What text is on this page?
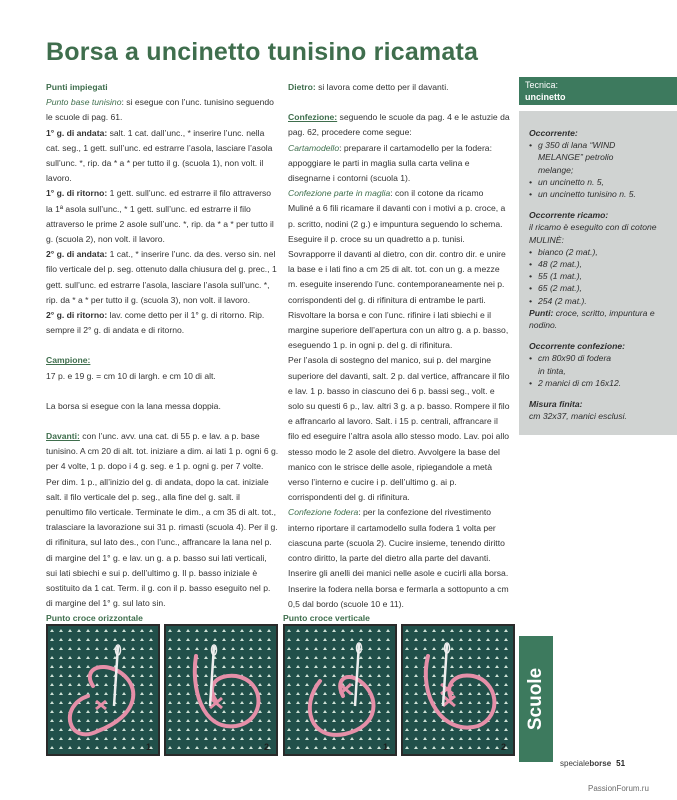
Borsa a uncinetto tunisino ricamata

Punti impiegati

Punto base tunisino: si esegue con l’unc. tunisino seguendo le scuole di pag. 61.

1° g. di andata: salt. 1 cat. dall’unc., * inserire l’unc. nella cat. seg., 1 gett. sull’unc. ed estrarre l’asola, lasciare l’asola sull’unc. *, rip. da * a * per tutto il g. (scuola 1), non volt. il lavoro.

1° g. di ritorno: 1 gett. sull’unc. ed estrarre il filo attraverso la 1ª asola sull’unc., * 1 gett. sull’unc. ed estrarre il filo attraverso le prime 2 asole sull’unc. *, rip. da * a * per tutto il g. (scuola 2), non volt. il lavoro.

2° g. di andata: 1 cat., * inserire l’unc. da des. verso sin. nel filo verticale del p. seg. ottenuto dalla chiusura del g. prec., 1 gett. sull’unc. ed estrarre l’asola, lasciare l’asola sull’unc. *, rip. da * a * per tutto il g. (scuola 3), non volt. il lavoro.

2° g. di ritorno: lav. come detto per il 1° g. di ritorno. Rip. sempre il 2° g. di andata e di ritorno.

Campione:

17 p. e 19 g. = cm 10 di largh. e cm 10 di alt.

La borsa si esegue con la lana messa doppia.

Davanti: con l’unc. avv. una cat. di 55 p. e lav. a p. base tunisino. A cm 20 di alt. tot. iniziare a dim. ai lati 1 p. ogni 6 g. per 4 volte, 1 p. dopo i 4 g. seg. e 1 p. ogni g. per 7 volte. Per dim. 1 p., all’inizio del g. di andata, dopo la cat. iniziale salt. il filo verticale del p. seg., alla fine del g. salt. il penultimo filo verticale. Terminate le dim., a cm 35 di alt. tot., tralasciare la lavorazione sui 31 p. rimasti (scuola 4). Per il g. di rifinitura, sul lato des., con l’unc., affrancare la lana nel p. di margine del 1° g. e lav. un g. a p. basso sui lati verticali, sui lati sbiechi e sui p. dell’ultimo g. Il p. basso iniziale è sostituito da 1 cat. Term. il g. con il p. basso eseguito nel p. di margine del 1° g. sul lato sin.

Dietro: si lavora come detto per il davanti.

Confezione: seguendo le scuole da pag. 4 e le astuzie da pag. 62, procedere come segue:

Cartamodello: preparare il cartamodello per la fodera: appoggiare le parti in maglia sulla carta velina e disegnarne i contorni (scuola 1).

Confezione parte in maglia: con il cotone da ricamo Muliné a 6 fili ricamare il davanti con i motivi a p. croce, a p. scritto, nodini (2 g.) e impuntura seguendo lo schema. Eseguire il p. croce su un quadretto a p. tunisi. Sovrapporre il davanti al dietro, con dir. contro dir. e unire la base e i lati fino a cm 25 di alt. tot. con un g. a mezze m. eseguite inserendo l’unc. contemporaneamente nei p. corrispondenti del g. di rifinitura di entrambe le parti. Risvoltare la borsa e con l’unc. rifinire i lati sbiechi e il margine superiore dell’apertura con un altro g. a p. basso, eseguendo 1 p. in ogni p. del g. di rifinitura.

Per l’asola di sostegno del manico, sui p. del margine superiore del davanti, salt. 2 p. dal vertice, affrancare il filo e lav. 1 p. basso in ciascuno dei 6 p. bassi seg., volt. e solo su questi 6 p., lav. altri 3 g. a p. basso. Rompere il filo e affrancarlo al lavoro. Salt. i 15 p. centrali, affrancare il filo ed eseguire l’altra asola allo stesso modo. Lav. poi allo stesso modo le 2 asole del dietro. Avvolgere la base del manico con le strisce delle asole, ripiegandole a metà verso l’interno e cucire i p. dell’ultimo g. ai p. corrispondenti del g. di rifinitura.

Confezione fodera: per la confezione del rivestimento interno riportare il cartamodello sulla fodera 1 volta per ciascuna parte (scuola 2). Cucire insieme, tenendo diritto contro diritto, la parte del dietro alla parte del davanti. Inserire gli anelli dei manici nelle asole e cucirli alla borsa. Inserire la fodera nella borsa e fermarla a sottopunto a cm 0,5 dal bordo (scuole 10 e 11).

Tecnica:
uncinetto
Occorrente:
• g 350 di lana “WIND
MELANGE” petrolio
melange;
• un uncinetto n. 5,
• un uncinetto tunisino n. 5.
Occorrente ricamo:
il ricamo è eseguito con di cotone MULINÈ:
• bianco (2 mat.),
• 48 (2 mat.),
• 55 (1 mat.),
• 65 (2 mat.),
• 254 (2 mat.).
Punti: croce, scritto, impuntura e nodino.
Occorrente confezione:
• cm 80x90 di fodera
in tinta,
• 2 manici di cm 16x12.
Misura finita:
cm 32x37, manici esclusi.
Punto croce orizzontale	Punto croce verticale
1	2	1	2
Scuole
specialeborse 51
PassionForum.ru
